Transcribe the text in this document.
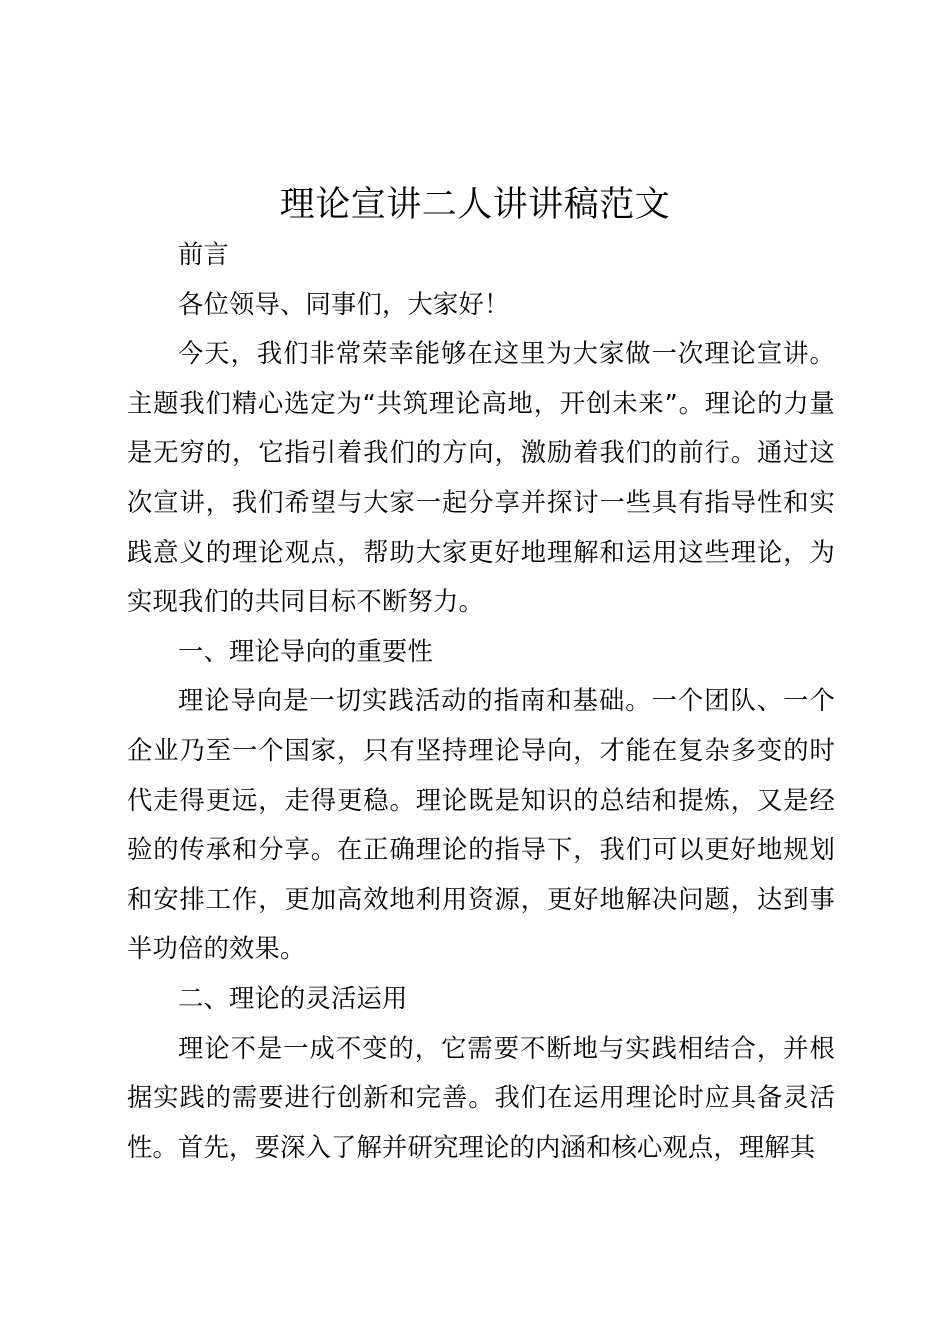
理论宣讲二人讲讲稿范文

前言

各位领导、同事们，大家好！

今天，我们非常荣幸能够在这里为大家做一次理论宣讲。主题我们精心选定为“共筑理论高地，开创未来”。理论的力量是无穷的，它指引着我们的方向，激励着我们的前行。通过这次宣讲，我们希望与大家一起分享并探讨一些具有指导性和实践意义的理论观点，帮助大家更好地理解和运用这些理论，为实现我们的共同目标不断努力。

一、理论导向的重要性

理论导向是一切实践活动的指南和基础。一个团队、一个企业乃至一个国家，只有坚持理论导向，才能在复杂多变的时代走得更远，走得更稳。理论既是知识的总结和提炼，又是经验的传承和分享。在正确理论的指导下，我们可以更好地规划和安排工作，更加高效地利用资源，更好地解决问题，达到事半功倍的效果。

二、理论的灵活运用

理论不是一成不变的，它需要不断地与实践相结合，并根据实践的需要进行创新和完善。我们在运用理论时应具备灵活性。首先，要深入了解并研究理论的内涵和核心观点，理解其
